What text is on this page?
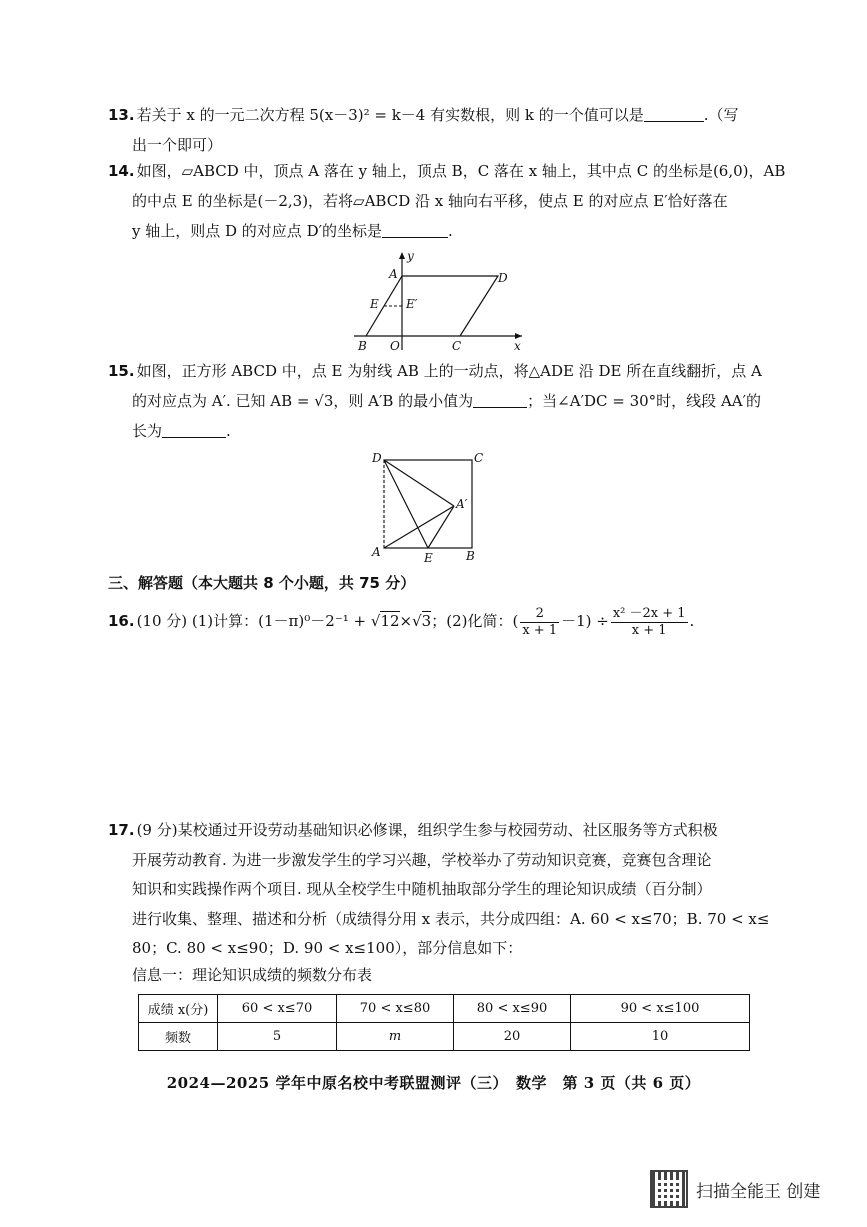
13. 若关于 x 的一元二次方程 5(x－3)² = k－4 有实数根，则 k 的一个值可以是	.（写
出一个即可）
14. 如图，▱ABCD 中，顶点 A 落在 y 轴上，顶点 B，C 落在 x 轴上，其中点 C 的坐标是(6,0)，AB
的中点 E 的坐标是(－2,3)，若将▱ABCD 沿 x 轴向右平移，使点 E 的对应点 E′恰好落在
y 轴上，则点 D 的对应点 D′的坐标是	.
A
B	C
D
E E′
O	x
y
15. 如图，正方形 ABCD 中，点 E 为射线 AB 上的一动点，将△ADE 沿 DE 所在直线翻折，点 A
的对应点为 A′. 已知 AB = √3，则 A′B 的最小值为	；当∠A′DC = 30°时，线段 AA′的
长为	.
D	C
A	B
E
A′
三、解答题（本大题共 8 个小题，共 75 分）
16. (10 分) (1)计算：(1－π)⁰－2⁻¹ + √12×√3；(2)化简：( $\frac{2}{x + 1} -1) \div \frac{\text{x² －2x + 1}}{x + 1}$ .
17. (9 分)某校通过开设劳动基础知识必修课，组织学生参与校园劳动、社区服务等方式积极
开展劳动教育. 为进一步激发学生的学习兴趣，学校举办了劳动知识竞赛，竞赛包含理论
知识和实践操作两个项目. 现从全校学生中随机抽取部分学生的理论知识成绩（百分制）
进行收集、整理、描述和分析（成绩得分用 x 表示，共分成四组：A. 60 < x≤70；B. 70 < x≤
80；C. 80 < x≤90；D. 90 < x≤100），部分信息如下：
信息一：理论知识成绩的频数分布表
成绩 x(分)	60 < x≤70	70 < x≤80	80 < x≤90	90 < x≤100
频数	5	m	20	10
2024—2025 学年中原名校中考联盟测评（三）　数学　第 3 页（共 6 页）
扫描全能王 创建
